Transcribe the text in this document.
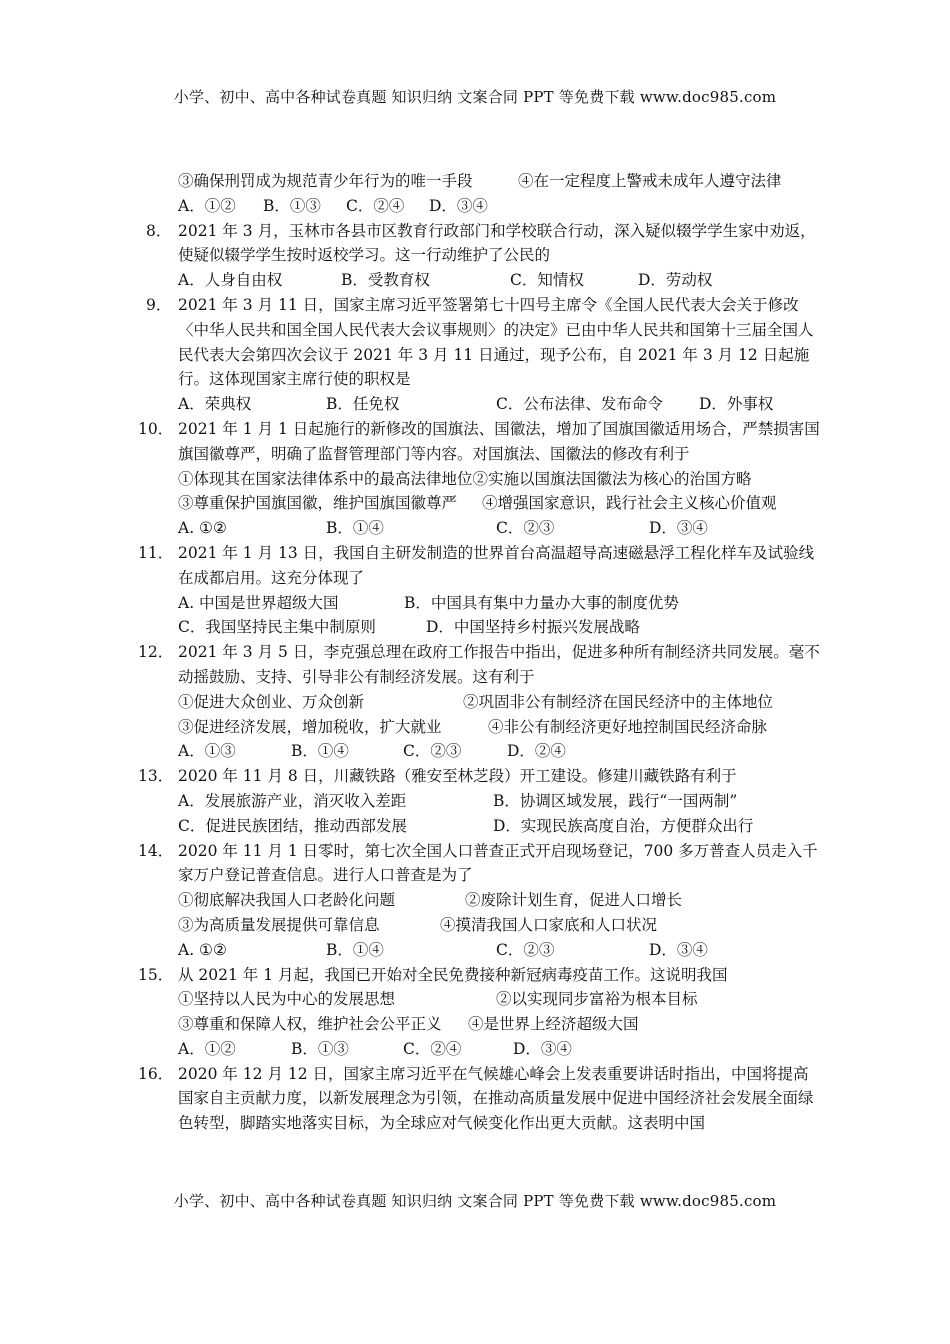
小学、初中、高中各种试卷真题 知识归纳 文案合同 PPT 等免费下载 www.doc985.com
③确保刑罚成为规范青少年行为的唯一手段	④在一定程度上警戒未成年人遵守法律
A．①②	B．①③	C．②④	D．③④
8． 2021 年 3 月，玉林市各县市区教育行政部门和学校联合行动，深入疑似辍学学生家中劝返，使疑似辍学学生按时返校学习。这一行动维护了公民的
A．人身自由权	B．受教育权	C．知情权	D．劳动权
9． 2021 年 3 月 11 日，国家主席习近平签署第七十四号主席令《全国人民代表大会关于修改〈中华人民共和国全国人民代表大会议事规则〉的决定》已由中华人民共和国第十三届全国人民代表大会第四次会议于 2021 年 3 月 11 日通过，现予公布，自 2021 年 3 月 12 日起施行。这体现国家主席行使的职权是
A．荣典权	B．任免权	C．公布法律、发布命令	D．外事权
10． 2021 年 1 月 1 日起施行的新修改的国旗法、国徽法，增加了国旗国徽适用场合，严禁损害国旗国徽尊严，明确了监督管理部门等内容。对国旗法、国徽法的修改有利于
①体现其在国家法律体系中的最高法律地位②实施以国旗法国徽法为核心的治国方略
③尊重保护国旗国徽，维护国旗国徽尊严	④增强国家意识，践行社会主义核心价值观
A. ①②	B．①④	C．②③	D．③④
11． 2021 年 1 月 13 日，我国自主研发制造的世界首台高温超导高速磁悬浮工程化样车及试验线在成都启用。这充分体现了
A. 中国是世界超级大国	B．中国具有集中力量办大事的制度优势
C．我国坚持民主集中制原则	D．中国坚持乡村振兴发展战略
12． 2021 年 3 月 5 日，李克强总理在政府工作报告中指出，促进多种所有制经济共同发展。毫不动摇鼓励、支持、引导非公有制经济发展。这有利于
①促进大众创业、万众创新	②巩固非公有制经济在国民经济中的主体地位
③促进经济发展，增加税收，扩大就业	④非公有制经济更好地控制国民经济命脉
A．①③	B．①④	C．②③	D．②④
13． 2020 年 11 月 8 日，川藏铁路（雅安至林芝段）开工建设。修建川藏铁路有利于
A．发展旅游产业，消灭收入差距	B．协调区域发展，践行“一国两制”
C．促进民族团结，推动西部发展	D．实现民族高度自治，方便群众出行
14． 2020 年 11 月 1 日零时，第七次全国人口普查正式开启现场登记，700 多万普查人员走入千家万户登记普查信息。进行人口普查是为了
①彻底解决我国人口老龄化问题	②废除计划生育，促进人口增长
③为高质量发展提供可靠信息	④摸清我国人口家底和人口状况
A. ①②	B．①④	C．②③	D．③④
15． 从 2021 年 1 月起，我国已开始对全民免费接种新冠病毒疫苗工作。这说明我国
①坚持以人民为中心的发展思想	②以实现同步富裕为根本目标
③尊重和保障人权，维护社会公平正义	④是世界上经济超级大国
A．①②	B．①③	C．②④	D．③④
16． 2020 年 12 月 12 日，国家主席习近平在气候雄心峰会上发表重要讲话时指出，中国将提高国家自主贡献力度，以新发展理念为引领，在推动高质量发展中促进中国经济社会发展全面绿色转型，脚踏实地落实目标，为全球应对气候变化作出更大贡献。这表明中国
小学、初中、高中各种试卷真题 知识归纳 文案合同 PPT 等免费下载 www.doc985.com
